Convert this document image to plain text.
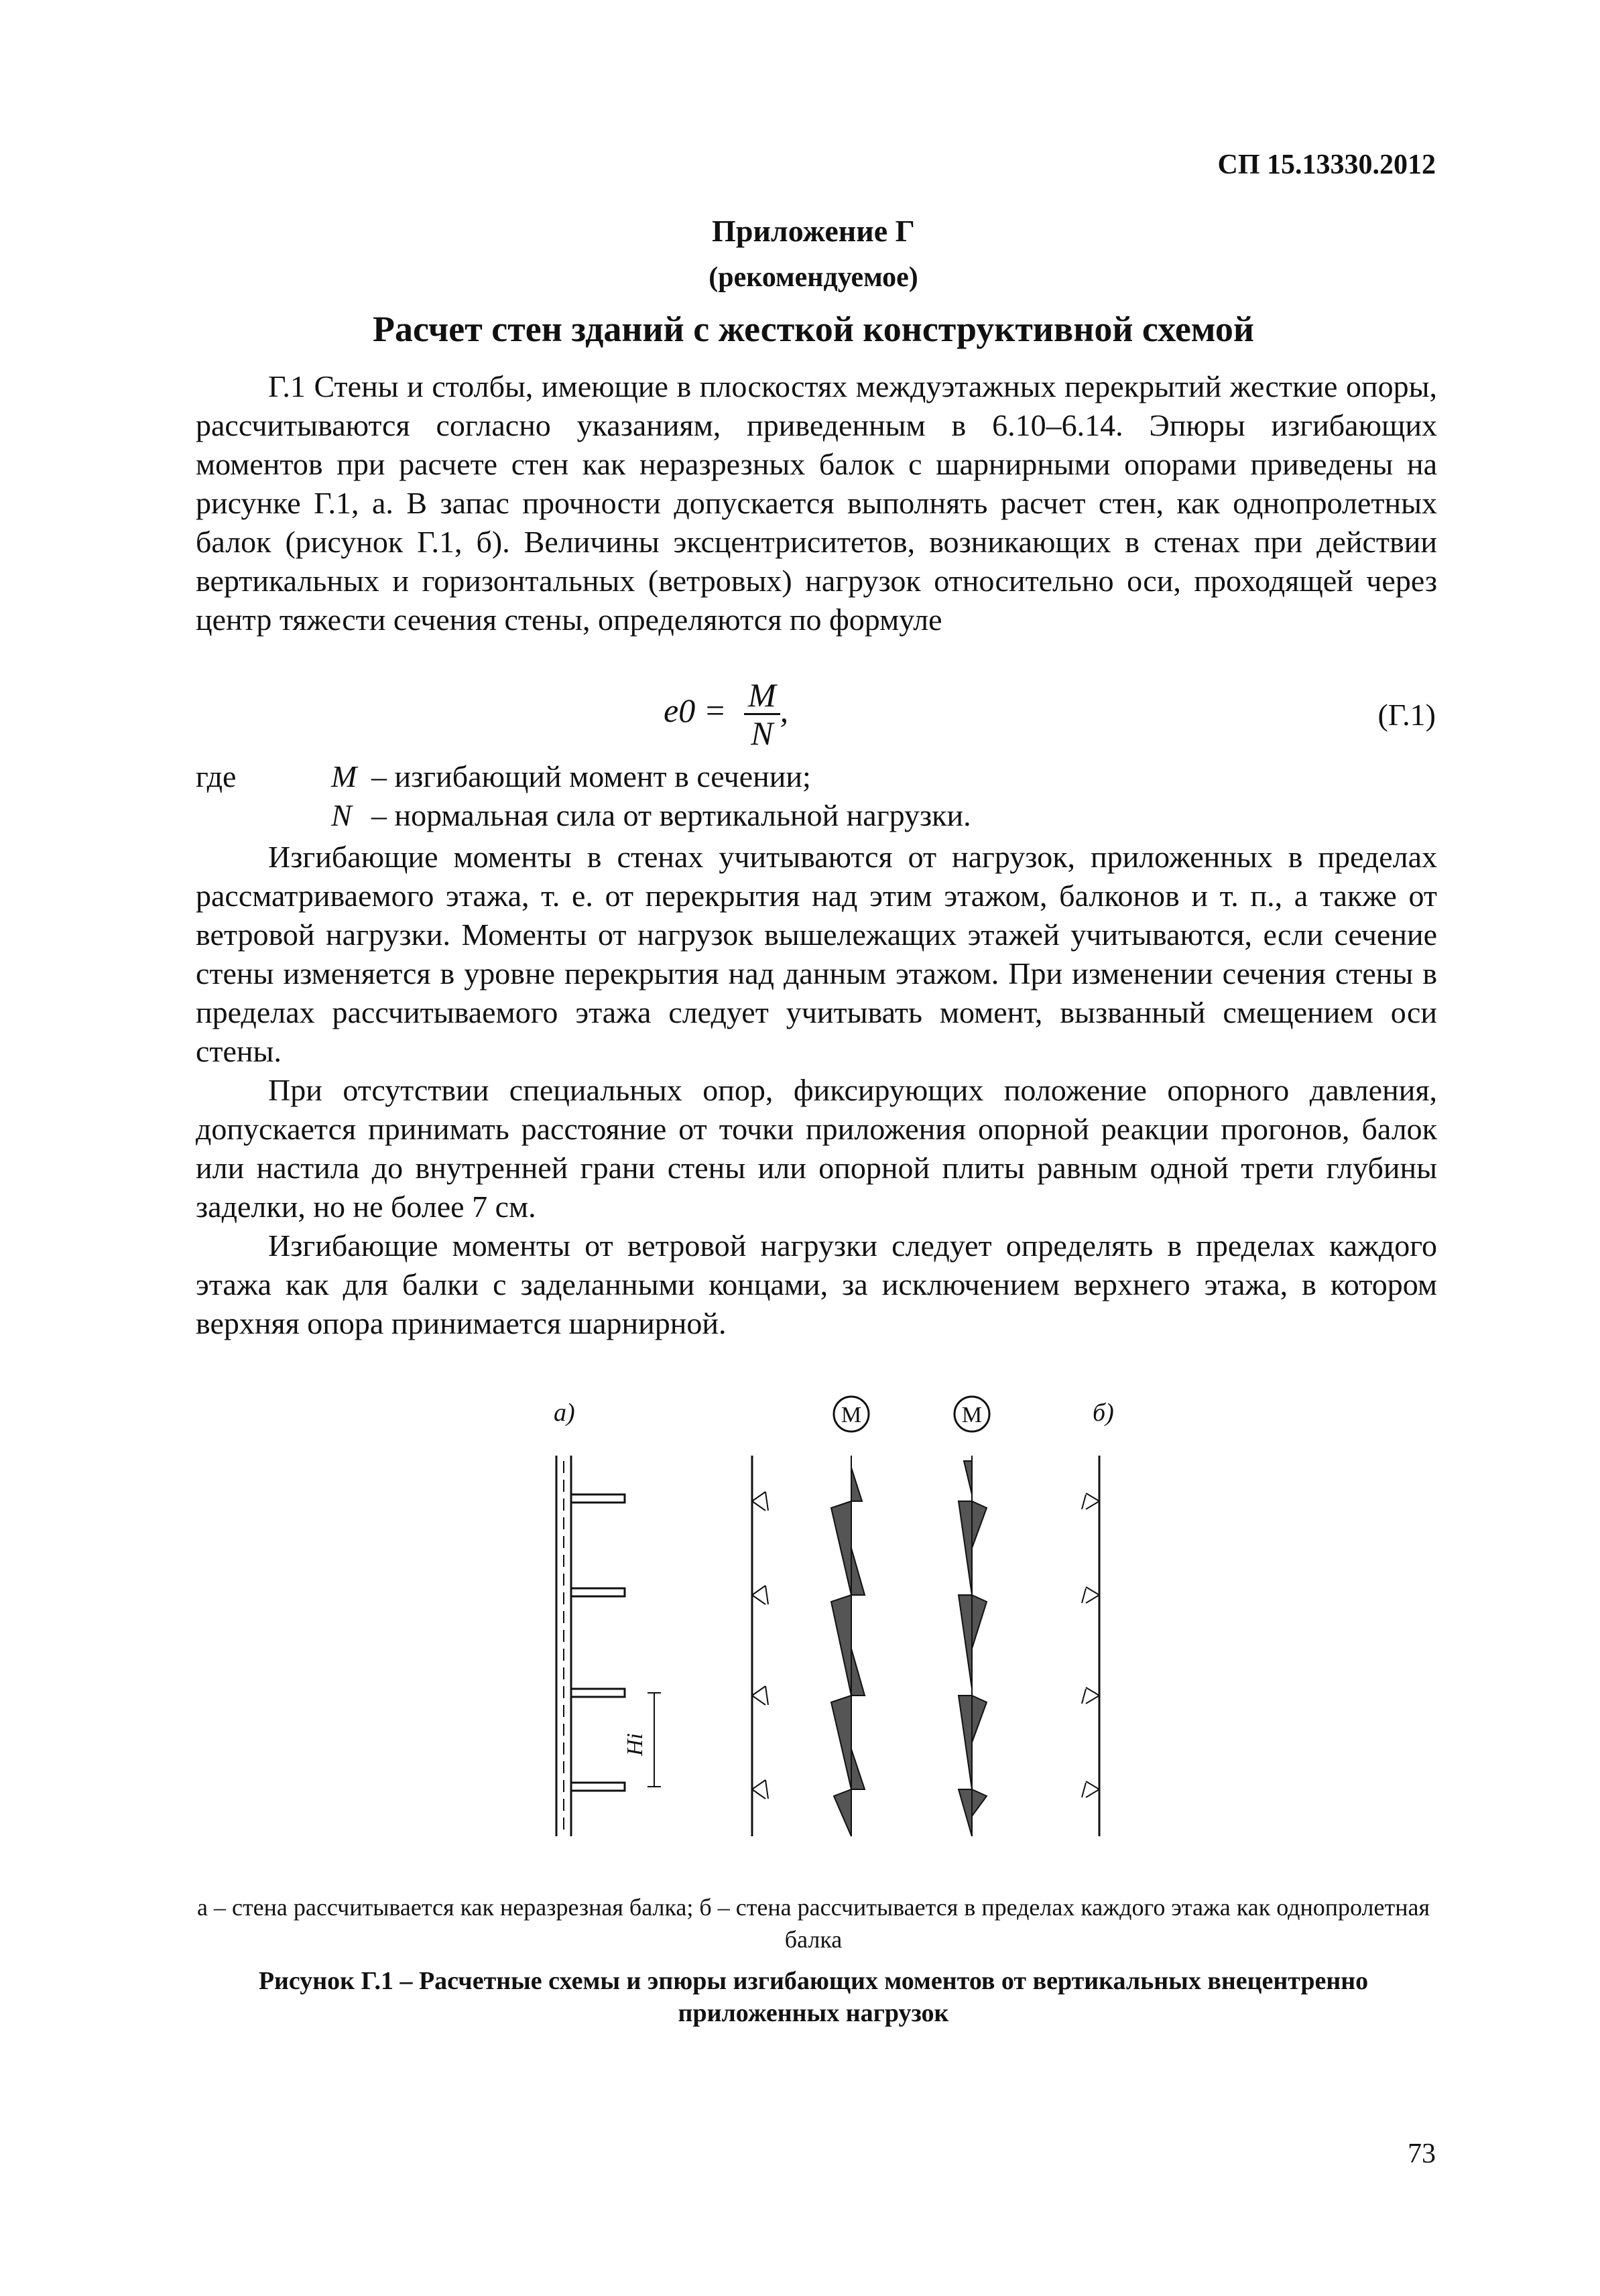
СП 15.13330.2012
Приложение Г
(рекомендуемое)
Расчет стен зданий с жесткой конструктивной схемой

Г.1 Стены и столбы, имеющие в плоскостях междуэтажных перекрытий жесткие опоры, рассчитываются согласно указаниям, приведенным в 6.10–6.14. Эпюры изгибающих моментов при расчете стен как неразрезных балок с шарнирными опорами приведены на рисунке Г.1, а. В запас прочности допускается выполнять расчет стен, как однопролетных балок (рисунок Г.1, б). Величины эксцентриситетов, возникающих в стенах при действии вертикальных и горизонтальных (ветровых) нагрузок относительно оси, проходящей через центр тяжести сечения стены, определяются по формуле

$e0 = \frac{M}{N}$ ,	(Г.1)
где	M – изгибающий момент в сечении;
N – нормальная сила от вертикальной нагрузки.

Изгибающие моменты в стенах учитываются от нагрузок, приложенных в пределах рассматриваемого этажа, т. е. от перекрытия над этим этажом, балконов и т. п., а также от ветровой нагрузки. Моменты от нагрузок вышележащих этажей учитываются, если сечение стены изменяется в уровне перекрытия над данным этажом. При изменении сечения стены в пределах рассчитываемого этажа следует учитывать момент, вызванный смещением оси стены.

При отсутствии специальных опор, фиксирующих положение опорного давления, допускается принимать расстояние от точки приложения опорной реакции прогонов, балок или настила до внутренней грани стены или опорной плиты равным одной трети глубины заделки, но не более 7 см.

Изгибающие моменты от ветровой нагрузки следует определять в пределах каждого этажа как для балки с заделанными концами, за исключением верхнего этажа, в котором верхняя опора принимается шарнирной.

а)	б)
M	M
Hi
а – стена рассчитывается как неразрезная балка; б – стена рассчитывается в пределах каждого этажа как однопролетная балка
Рисунок Г.1 – Расчетные схемы и эпюры изгибающих моментов от вертикальных внецентренно приложенных нагрузок
73
